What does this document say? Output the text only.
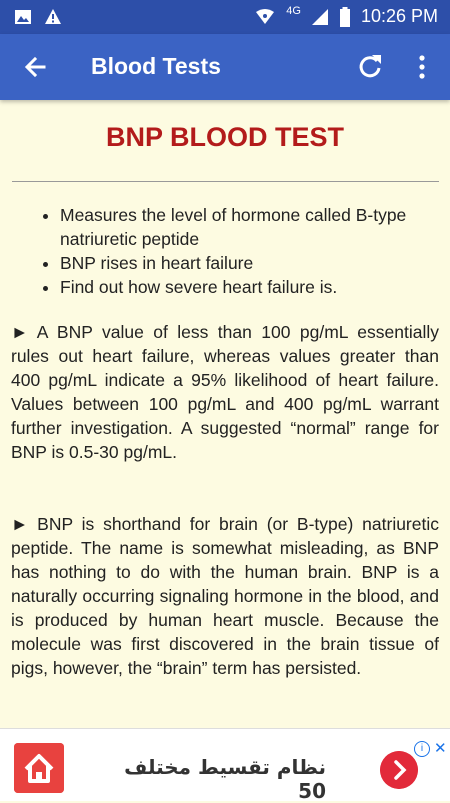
4G	10:26 PM
Blood Tests
BNP BLOOD TEST
• Measures the level of hormone called B-type natriuretic peptide
• BNP rises in heart failure
• Find out how severe heart failure is.

► A BNP value of less than 100 pg/mL essentially rules out heart failure, whereas values greater than 400 pg/mL indicate a 95% likelihood of heart failure. Values between 100 pg/mL and 400 pg/mL warrant further investigation. A suggested “normal” range for BNP is 0.5-30 pg/mL.

► BNP is shorthand for brain (or B-type) natriuretic peptide. The name is somewhat misleading, as BNP has nothing to do with the human brain. BNP is a naturally occurring signaling hormone in the blood, and is produced by human heart muscle. Because the molecule was first discovered in the brain tissue of pigs, however, the “brain” term has persisted.

نظام تقسيط مختلف 50
i ✕
